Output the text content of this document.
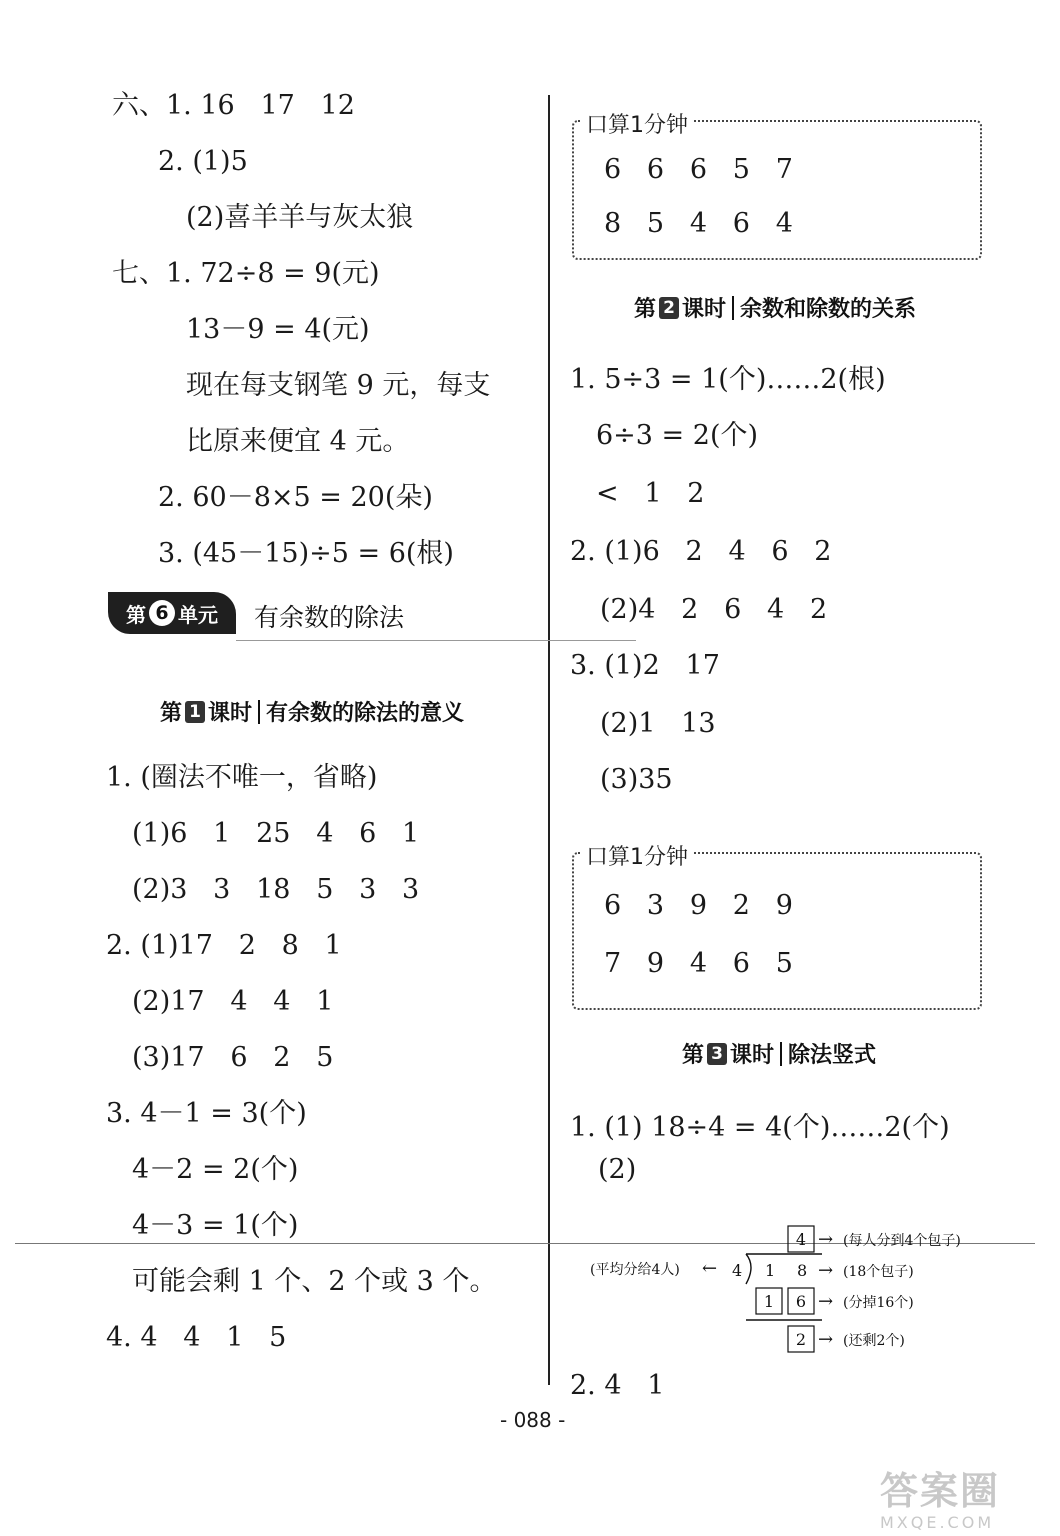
六、1. 16   17   12
2. (1)5
(2)喜羊羊与灰太狼
七、1. 72÷8 = 9(元)
13－9 = 4(元)
现在每支钢笔 9 元，每支
比原来便宜 4 元。
2. 60－8×5 = 20(朵)
3. (45－15)÷5 = 6(根)
第 6 单元 有余数的除法
第 1 课时 有余数的除法的意义
1. (圈法不唯一，省略)
(1)6   1   25   4   6   1
(2)3   3   18   5   3   3
2. (1)17   2   8   1
(2)17   4   4   1
(3)17   6   2   5
3. 4－1 = 3(个)
4－2 = 2(个)
4－3 = 1(个)
可能会剩 1 个、2 个或 3 个。
4. 4   4   1   5
口算1分钟
6   6   6   5   7
8   5   4   6   4
第 2 课时 余数和除数的关系
1. 5÷3 = 1(个)……2(根)
6÷3 = 2(个)
<   1   2
2. (1)6   2   4   6   2
(2)4   2   6   4   2
3. (1)2   17
(2)1   13
(3)35
口算1分钟
6   3   9   2   9
7   9   4   6   5
第 3 课时 除法竖式
1. (1) 18÷4 = 4(个)……2(个)
(2)
4 → (每人分到4个包子)
(平均分给4人) ← 4 1 8 → (18个包子)
1 6 → (分掉16个)
2 → (还剩2个)
2. 4   1
- 088 -
答案圈
MXQE.COM
